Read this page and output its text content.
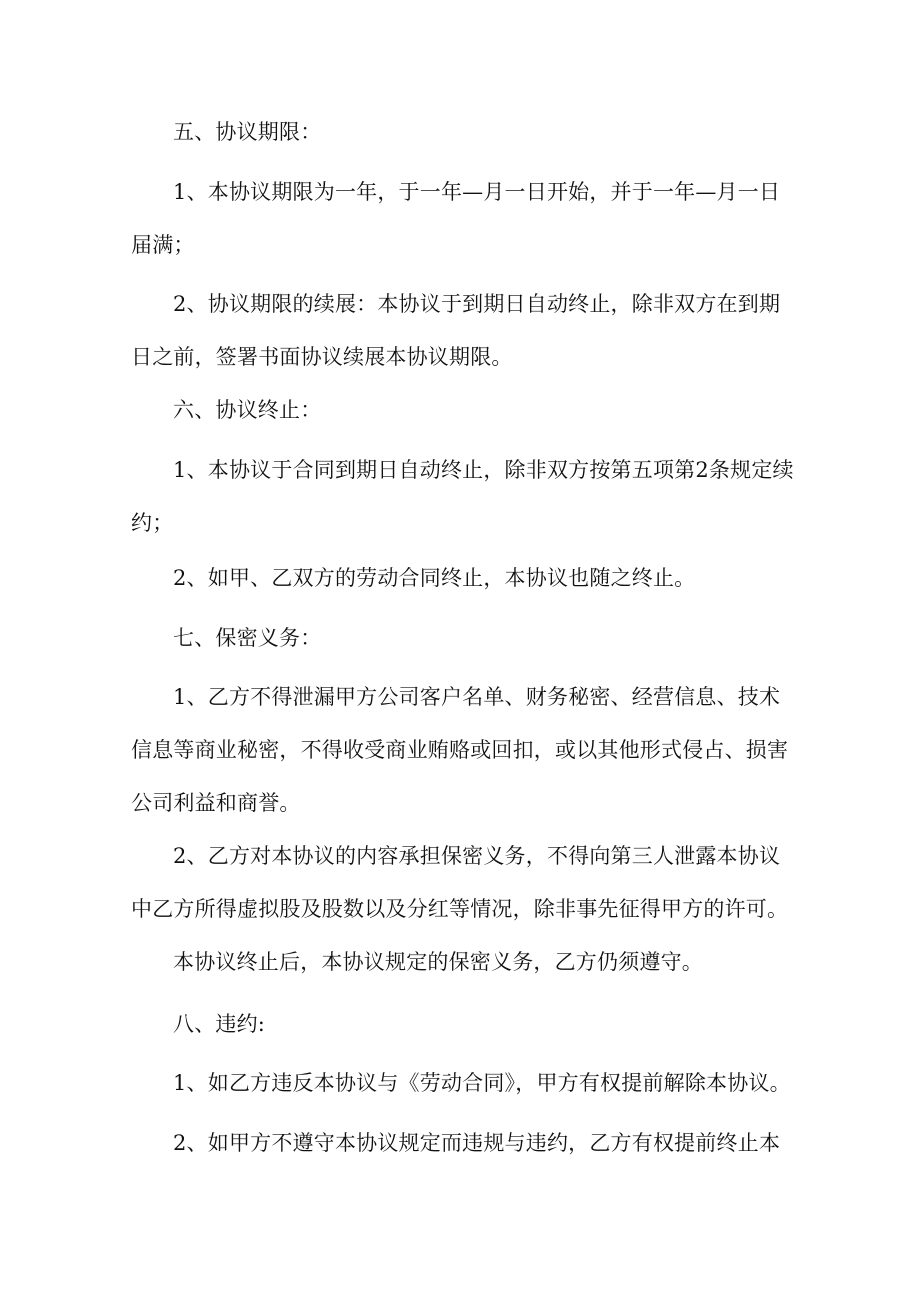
五、协议期限：

1、本协议期限为一年，于一年—月一日开始，并于一年—月一日届满；

2、协议期限的续展：本协议于到期日自动终止，除非双方在到期日之前，签署书面协议续展本协议期限。

六、协议终止：

1、本协议于合同到期日自动终止，除非双方按第五项第2条规定续约；

2、如甲、乙双方的劳动合同终止，本协议也随之终止。

七、保密义务：

1、乙方不得泄漏甲方公司客户名单、财务秘密、经营信息、技术信息等商业秘密，不得收受商业贿赂或回扣，或以其他形式侵占、损害公司利益和商誉。

2、乙方对本协议的内容承担保密义务，不得向第三人泄露本协议中乙方所得虚拟股及股数以及分红等情况，除非事先征得甲方的许可。

本协议终止后，本协议规定的保密义务，乙方仍须遵守。

八、违约:

1、如乙方违反本协议与《劳动合同》，甲方有权提前解除本协议。

2、如甲方不遵守本协议规定而违规与违约，乙方有权提前终止本
